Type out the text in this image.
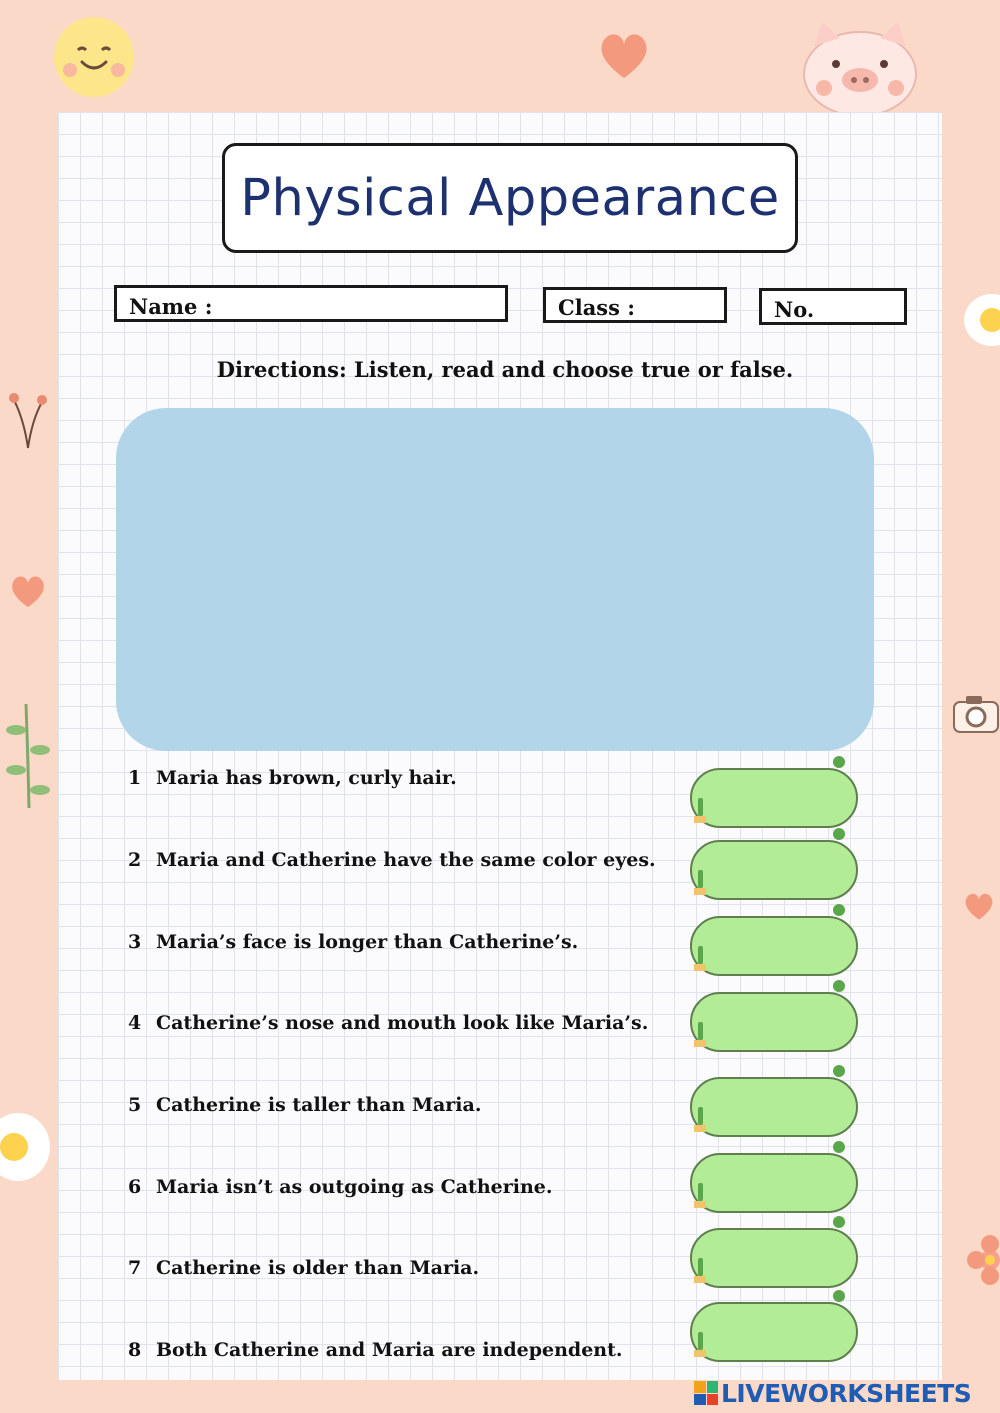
Physical Appearance
Name :	Class :	No.
Directions: Listen, read and choose true or false.
1 Maria has brown, curly hair.
2 Maria and Catherine have the same color eyes.
3 Maria’s face is longer than Catherine’s.
4 Catherine’s nose and mouth look like Maria’s.
5 Catherine is taller than Maria.
6 Maria isn’t as outgoing as Catherine.
7 Catherine is older than Maria.
8 Both Catherine and Maria are independent.
LIVEWORKSHEETS
